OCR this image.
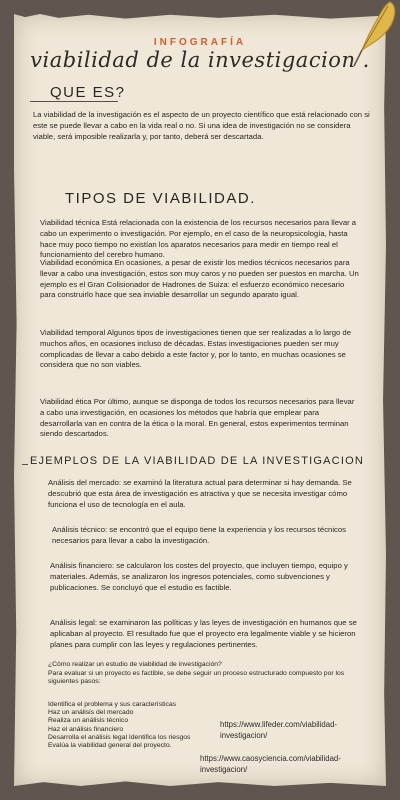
INFOGRAFÍA
viabilidad de la investigacion .
QUE ES?
La viabilidad de la investigación es el aspecto de un proyecto científico que está relacionado con si este se puede llevar a cabo en la vida real o no. Si una idea de investigación no se considera viable, será imposible realizarla y, por tanto, deberá ser descartada.
TIPOS DE VIABILIDAD.
Viabilidad técnica Está relacionada con la existencia de los recursos necesarios para llevar a cabo un experimento o investigación. Por ejemplo, en el caso de la neuropsicología, hasta hace muy poco tiempo no existían los aparatos necesarios para medir en tiempo real el funcionamiento del cerebro humano.
Viabilidad económica En ocasiones, a pesar de existir los medios técnicos necesarios para llevar a cabo una investigación, estos son muy caros y no pueden ser puestos en marcha. Un ejemplo es el Gran Colisionador de Hadrones de Suiza: el esfuerzo económico necesario para construirlo hace que sea inviable desarrollar un segundo aparato igual.
Viabilidad temporal Algunos tipos de investigaciones tienen que ser realizadas a lo largo de muchos años, en ocasiones incluso de décadas. Estas investigaciones pueden ser muy complicadas de llevar a cabo debido a este factor y, por lo tanto, en muchas ocasiones se considera que no son viables.
Viabilidad ética Por último, aunque se disponga de todos los recursos necesarios para llevar a cabo una investigación, en ocasiones los métodos que habría que emplear para desarrollarla van en contra de la ética o la moral. En general, estos experimentos terminan siendo descartados.
EJEMPLOS DE LA VIABILIDAD DE LA INVESTIGACION
Análisis del mercado: se examinó la literatura actual para determinar si hay demanda. Se descubrió que esta área de investigación es atractiva y que se necesita investigar cómo funciona el uso de tecnología en el aula.
Análisis técnico: se encontró que el equipo tiene la experiencia y los recursos técnicos necesarios para llevar a cabo la investigación.
Análisis financiero: se calcularon los costes del proyecto, que incluyen tiempo, equipo y materiales. Además, se analizaron los ingresos potenciales, como subvenciones y publicaciones. Se concluyó que el estudio es factible.
Análisis legal: se examinaron las políticas y las leyes de investigación en humanos que se aplicaban al proyecto. El resultado fue que el proyecto era legalmente viable y se hicieron planes para cumplir con las leyes y regulaciones pertinentes.
¿Cómo realizar un estudio de viabilidad de investigación?
Para evaluar si un proyecto es factible, se debe seguir un proceso estructurado compuesto por los siguientes pasos:
Identifica el problema y sus características
Haz un análisis del mercado
Realiza un análisis técnico
Haz el análisis financiero
Desarrolla el análisis legal Identifica los riesgos
Evalúa la viabilidad general del proyecto.
https://www.lifeder.com/viabilidad-investigacion/
https://www.caosyciencia.com/viabilidad-investigacion/
